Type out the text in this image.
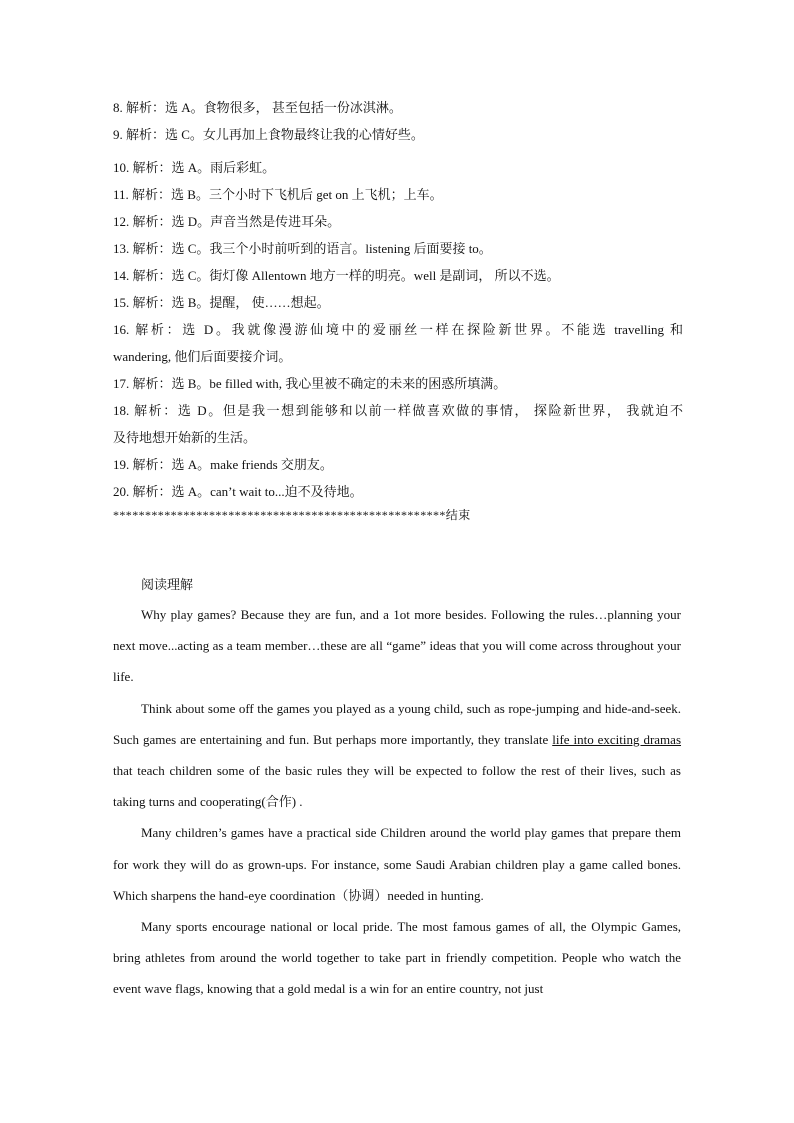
8. 解析：选 A。食物很多， 甚至包括一份冰淇淋。
9. 解析：选 C。女儿再加上食物最终让我的心情好些。
10. 解析：选 A。雨后彩虹。
11. 解析：选 B。三个小时下飞机后 get on 上飞机；上车。
12. 解析：选 D。声音当然是传进耳朵。
13. 解析：选 C。我三个小时前听到的语言。listening 后面要接 to。
14. 解析：选 C。街灯像 Allentown 地方一样的明亮。well 是副词， 所以不选。
15. 解析：选 B。提醒， 使……想起。
16. 解析：选 D。我就像漫游仙境中的爱丽丝一样在探险新世界。不能选 travelling 和
wandering, 他们后面要接介词。
17. 解析：选 B。be filled with, 我心里被不确定的未来的困惑所填满。
18. 解析：选 D。但是我一想到能够和以前一样做喜欢做的事情， 探险新世界， 我就迫不
及待地想开始新的生活。
19. 解析：选 A。make friends 交朋友。
20. 解析：选 A。can’t wait to...迫不及待地。
****************************************************结束
阅读理解

Why play games? Because they are fun, and a 1ot more besides. Following the rules…planning your next move...acting as a team member…these are all “game” ideas that you will come across throughout your life.

Think about some off the games you played as a young child, such as rope-jumping and hide-and-seek. Such games are entertaining and fun. But perhaps more importantly, they translate life into exciting dramas that teach children some of the basic rules they will be expected to follow the rest of their lives, such as taking turns and cooperating(合作) .

Many children’s games have a practical side Children around the world play games that prepare them for work they will do as grown-ups. For instance, some Saudi Arabian children play a game called bones. Which sharpens the hand-eye coordination（协调）needed in hunting.

Many sports encourage national or local pride. The most famous games of all, the Olympic Games, bring athletes from around the world together to take part in friendly competition. People who watch the event wave flags, knowing that a gold medal is a win for an entire country, not just
